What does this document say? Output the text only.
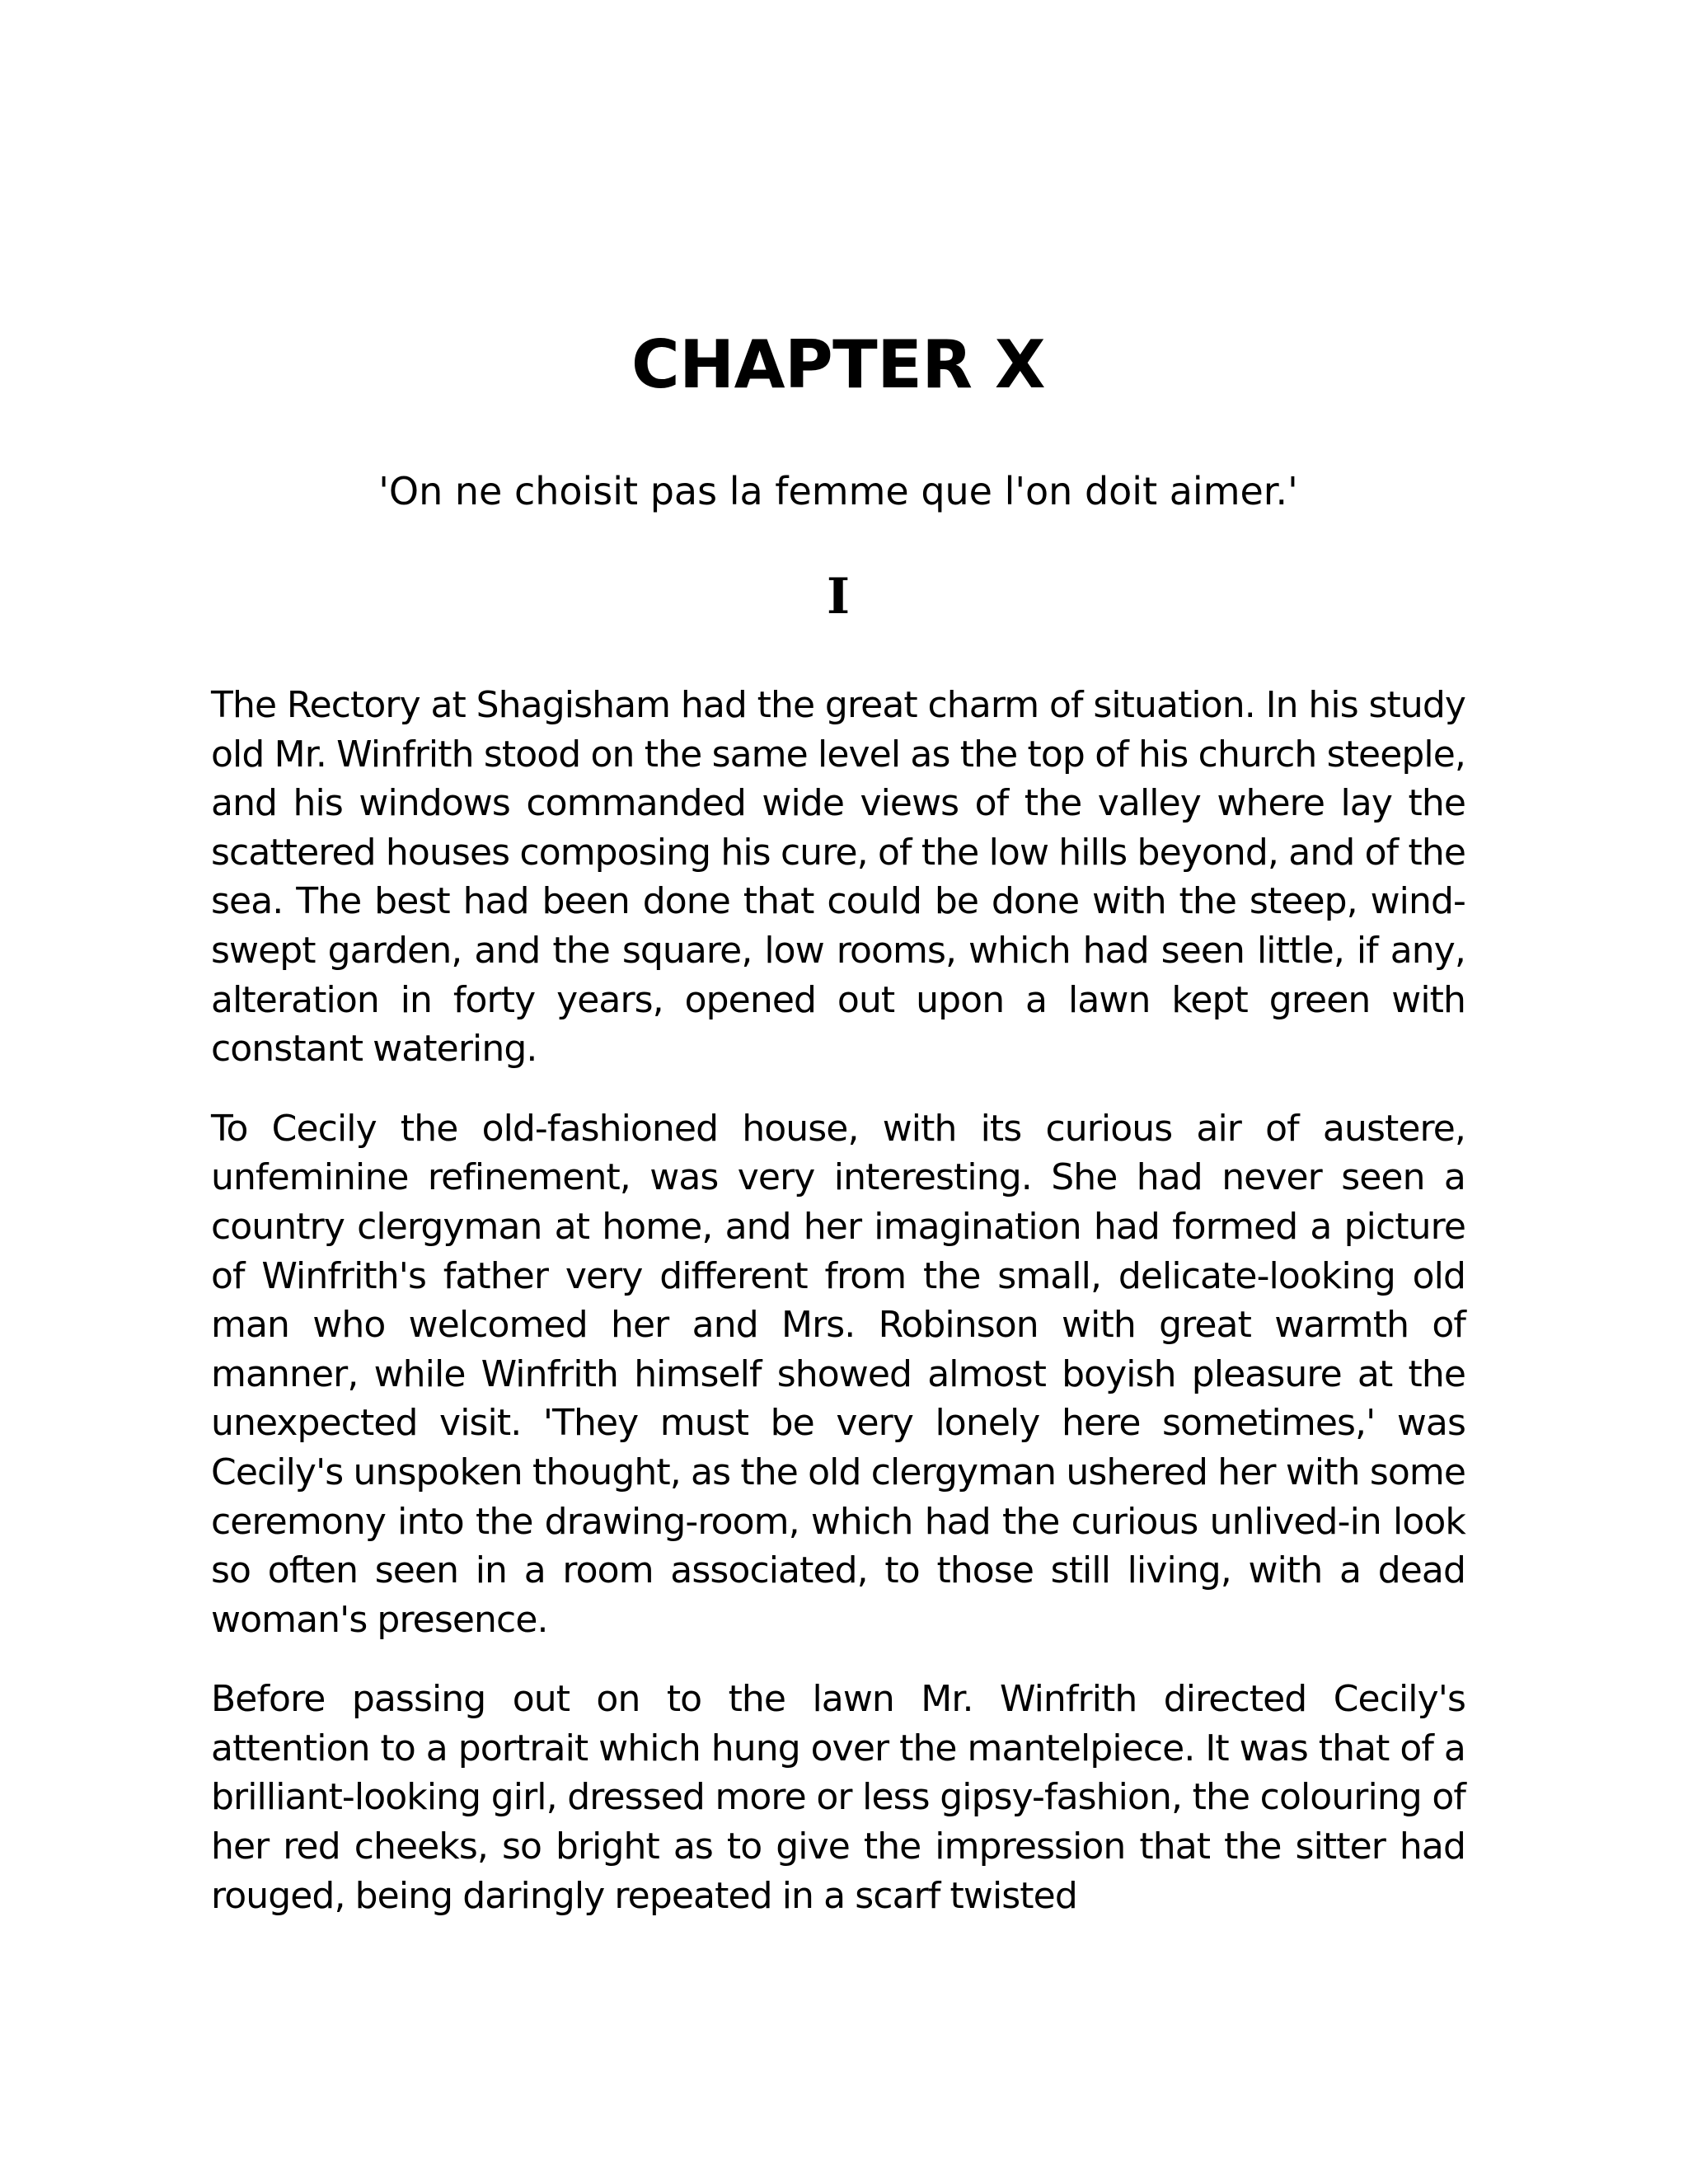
CHAPTER X

'On ne choisit pas la femme que l'on doit aimer.'

I

The Rectory at Shagisham had the great charm of situation. In his study old Mr. Winfrith stood on the same level as the top of his church steeple, and his windows commanded wide views of the valley where lay the scattered houses composing his cure, of the low hills beyond, and of the sea. The best had been done that could be done with the steep, wind-swept garden, and the square, low rooms, which had seen little, if any, alteration in forty years, opened out upon a lawn kept green with constant watering.

To Cecily the old-fashioned house, with its curious air of austere, unfeminine refinement, was very interesting. She had never seen a country clergyman at home, and her imagination had formed a picture of Winfrith's father very different from the small, delicate-looking old man who welcomed her and Mrs. Robinson with great warmth of manner, while Winfrith himself showed almost boyish pleasure at the unexpected visit. 'They must be very lonely here sometimes,' was Cecily's unspoken thought, as the old clergyman ushered her with some ceremony into the drawing-room, which had the curious unlived-in look so often seen in a room associated, to those still living, with a dead woman's presence.

Before passing out on to the lawn Mr. Winfrith directed Cecily's attention to a portrait which hung over the mantelpiece. It was that of a brilliant-looking girl, dressed more or less gipsy-fashion, the colouring of her red cheeks, so bright as to give the impression that the sitter had rouged, being daringly repeated in a scarf twisted
